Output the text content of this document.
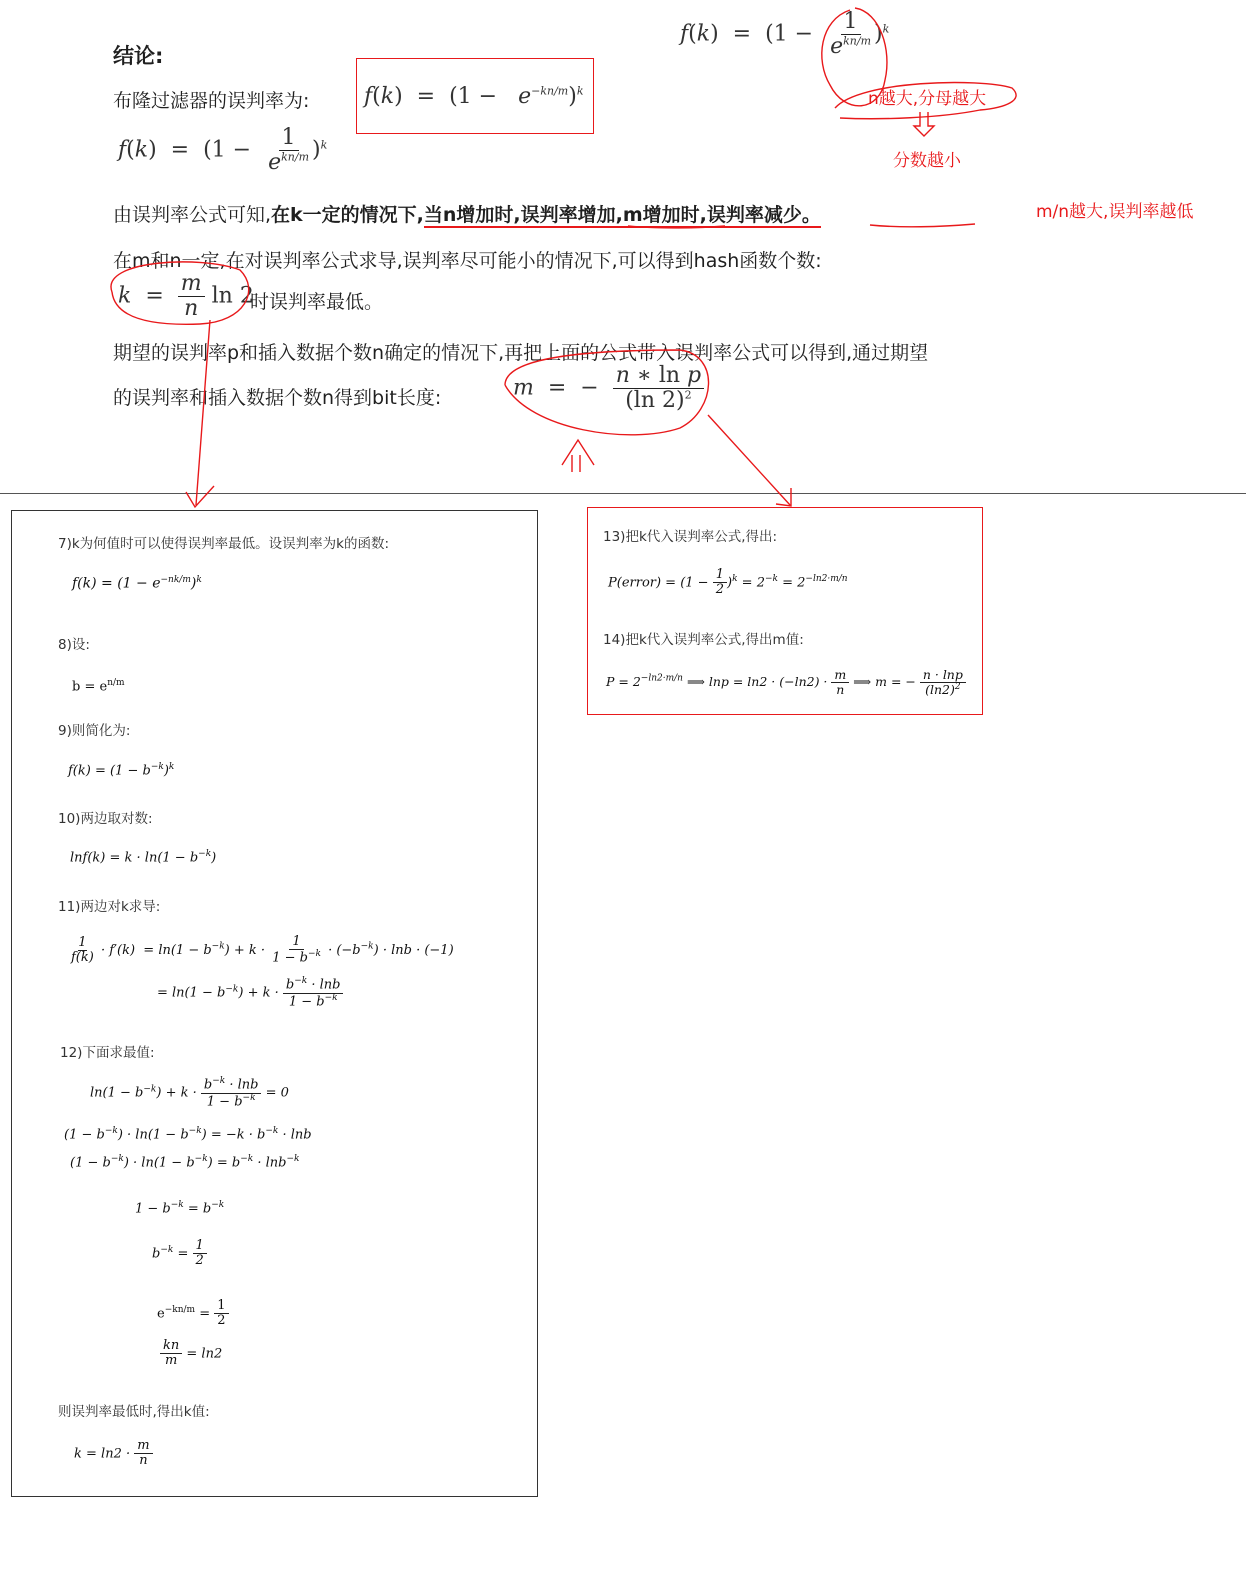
$f(k) = (1 - \frac{1}{e^{kn/m}} )^k$
结论:
布隆过滤器的误判率为: $f(k) = (1 - e^{-kn/m})^k$
$f(k) = (1 - \frac{1}{e^{kn/m}} )^k$
n越大,分母越大
分数越小
m/n越大,误判率越低
由误判率公式可知,在k一定的情况下,当n增加时,误判率增加,m增加时,误判率减少。
在m和n一定,在对误判率公式求导,误判率尽可能小的情况下,可以得到hash函数个数:
$k = \frac{m}{n}$ ln 2
时误判率最低。
期望的误判率p和插入数据个数n确定的情况下,再把上面的公式带入误判率公式可以得到,通过期望
的误判率和插入数据个数n得到bit长度:	m  =  − $\frac{\text{n ∗ ln p}}{(\ln 2)^2}$
7)k为何值时可以使得误判率最低。设误判率为k的函数:
$f(k) = (1 - e^{-nk/m})^k$
8)设:
$b = e^{n/m}$
9)则简化为:
$f(k) = (1 - b^{-k})^k$
10)两边取对数:
$\ln f(k) = k \cdot \ln(1 - b^{-k})$
11)两边对k求导:
$\frac{1}{f(k)} \cdot f'(k) = \ln(1 - b^{-k}) + k \cdot \frac{1}{1 - b^{-k}} \cdot (-b^{-k}) \cdot \ln b \cdot (-1)$
= $\ln(1 - b^{-k}) + k \cdot \frac{b^{-k} \cdot \ln b}{1 - b^{-k}}$
12)下面求最值:
$\ln(1 - b^{-k}) + k \cdot \frac{b^{-k} \cdot \ln b}{1 - b^{-k}} = 0$
$(1 - b^{-k}) \cdot \ln(1 - b^{-k}) = -k \cdot b^{-k} \cdot \ln b$
$(1 - b^{-k}) \cdot \ln(1 - b^{-k}) = b^{-k} \cdot \ln b^{-k}$
$1 - b^{-k} = b^{-k}$
$b^{-k} = \frac{1}{2}$
$e^{-kn/m} = \frac{1}{2}$
$\frac{kn}{m} = \ln 2$
则误判率最低时,得出k值:
$k = \ln 2 \cdot \frac{m}{n}$
13)把k代入误判率公式,得出:
P(error) = $(1 - \frac{1}{2} )^k = 2^{-k} = 2^{-ln2\cdot m/n}$
14)把k代入误判率公式,得出m值:
$P = 2^{-ln2\cdot m/n}$ ⟹ $\ln p = \ln 2 \cdot (-\ln 2) \cdot \frac{m}{n}$ ⟹ m = − $\frac{n \cdot \ln p}{(\ln 2)^2}$
